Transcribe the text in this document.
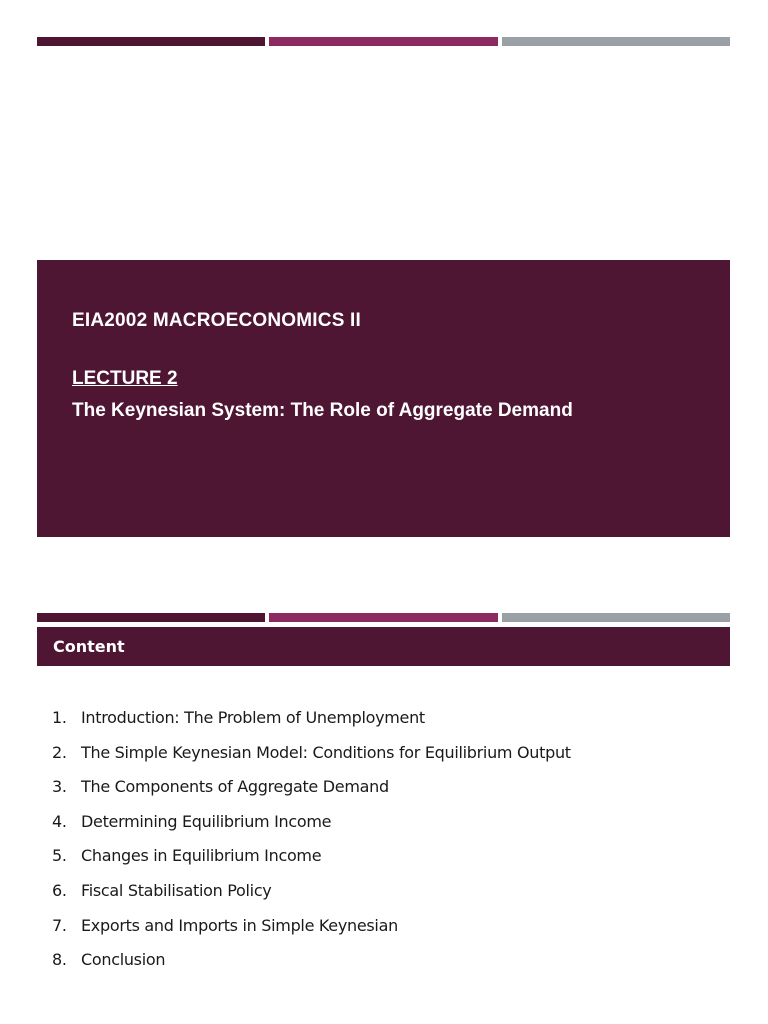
EIA2002 MACROECONOMICS II

LECTURE 2

The Keynesian System: The Role of Aggregate Demand

Content
1. Introduction: The Problem of Unemployment
2. The Simple Keynesian Model: Conditions for Equilibrium Output
3. The Components of Aggregate Demand
4. Determining Equilibrium Income
5. Changes in Equilibrium Income
6. Fiscal Stabilisation Policy
7. Exports and Imports in Simple Keynesian
8. Conclusion
